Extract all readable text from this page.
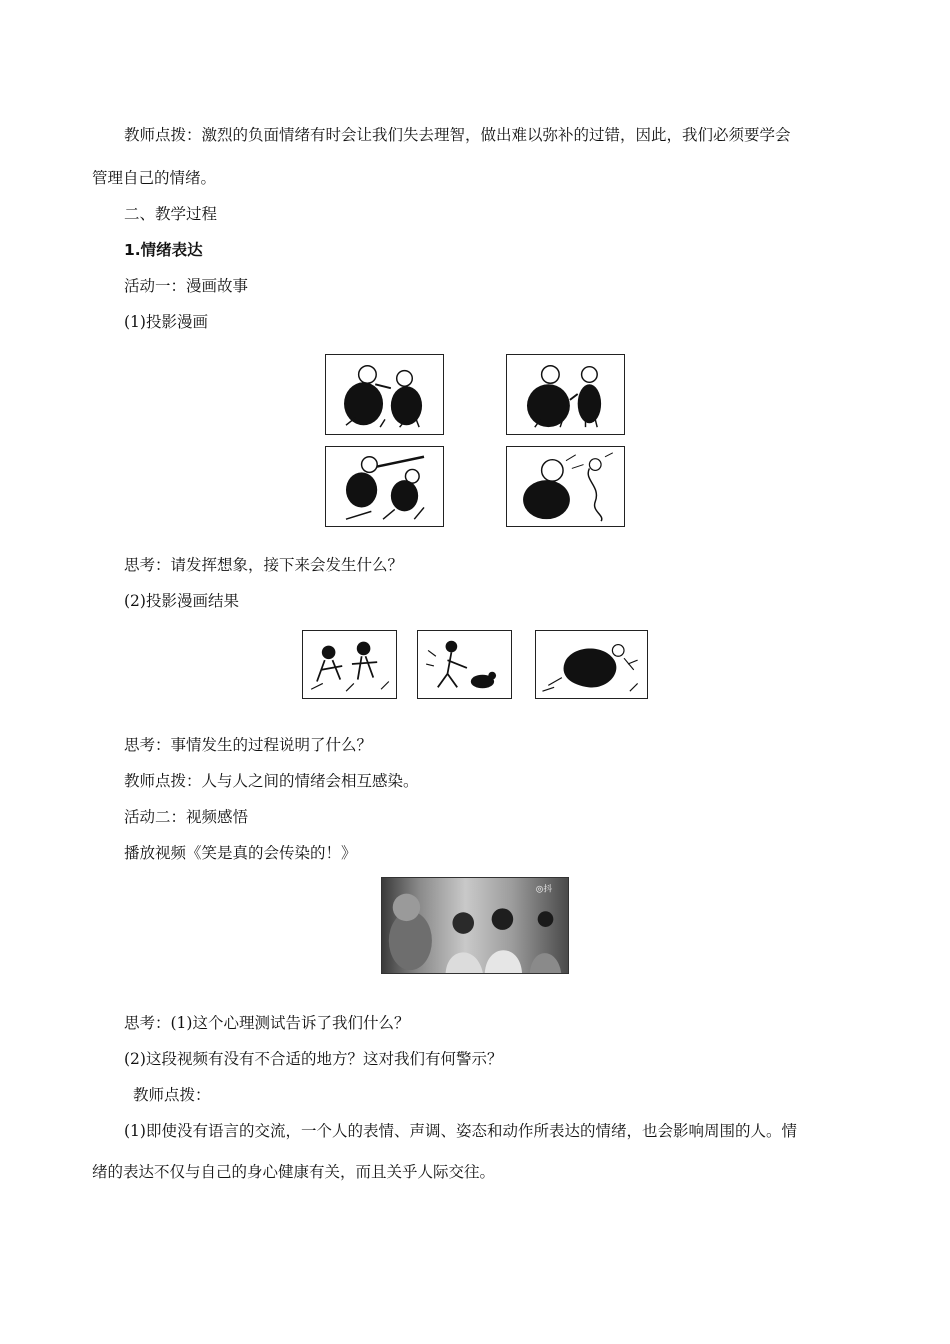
教师点拨：激烈的负面情绪有时会让我们失去理智，做出难以弥补的过错，因此，我们必须要学会
管理自己的情绪。
二、教学过程
1.情绪表达
活动一：漫画故事
(1)投影漫画
思考：请发挥想象，接下来会发生什么？
(2)投影漫画结果
思考：事情发生的过程说明了什么？
教师点拨：人与人之间的情绪会相互感染。
活动二：视频感悟
播放视频《笑是真的会传染的！》
◎抖
思考：(1)这个心理测试告诉了我们什么？
(2)这段视频有没有不合适的地方？这对我们有何警示？
教师点拨：
(1)即使没有语言的交流，一个人的表情、声调、姿态和动作所表达的情绪，也会影响周围的人。情
绪的表达不仅与自己的身心健康有关，而且关乎人际交往。
